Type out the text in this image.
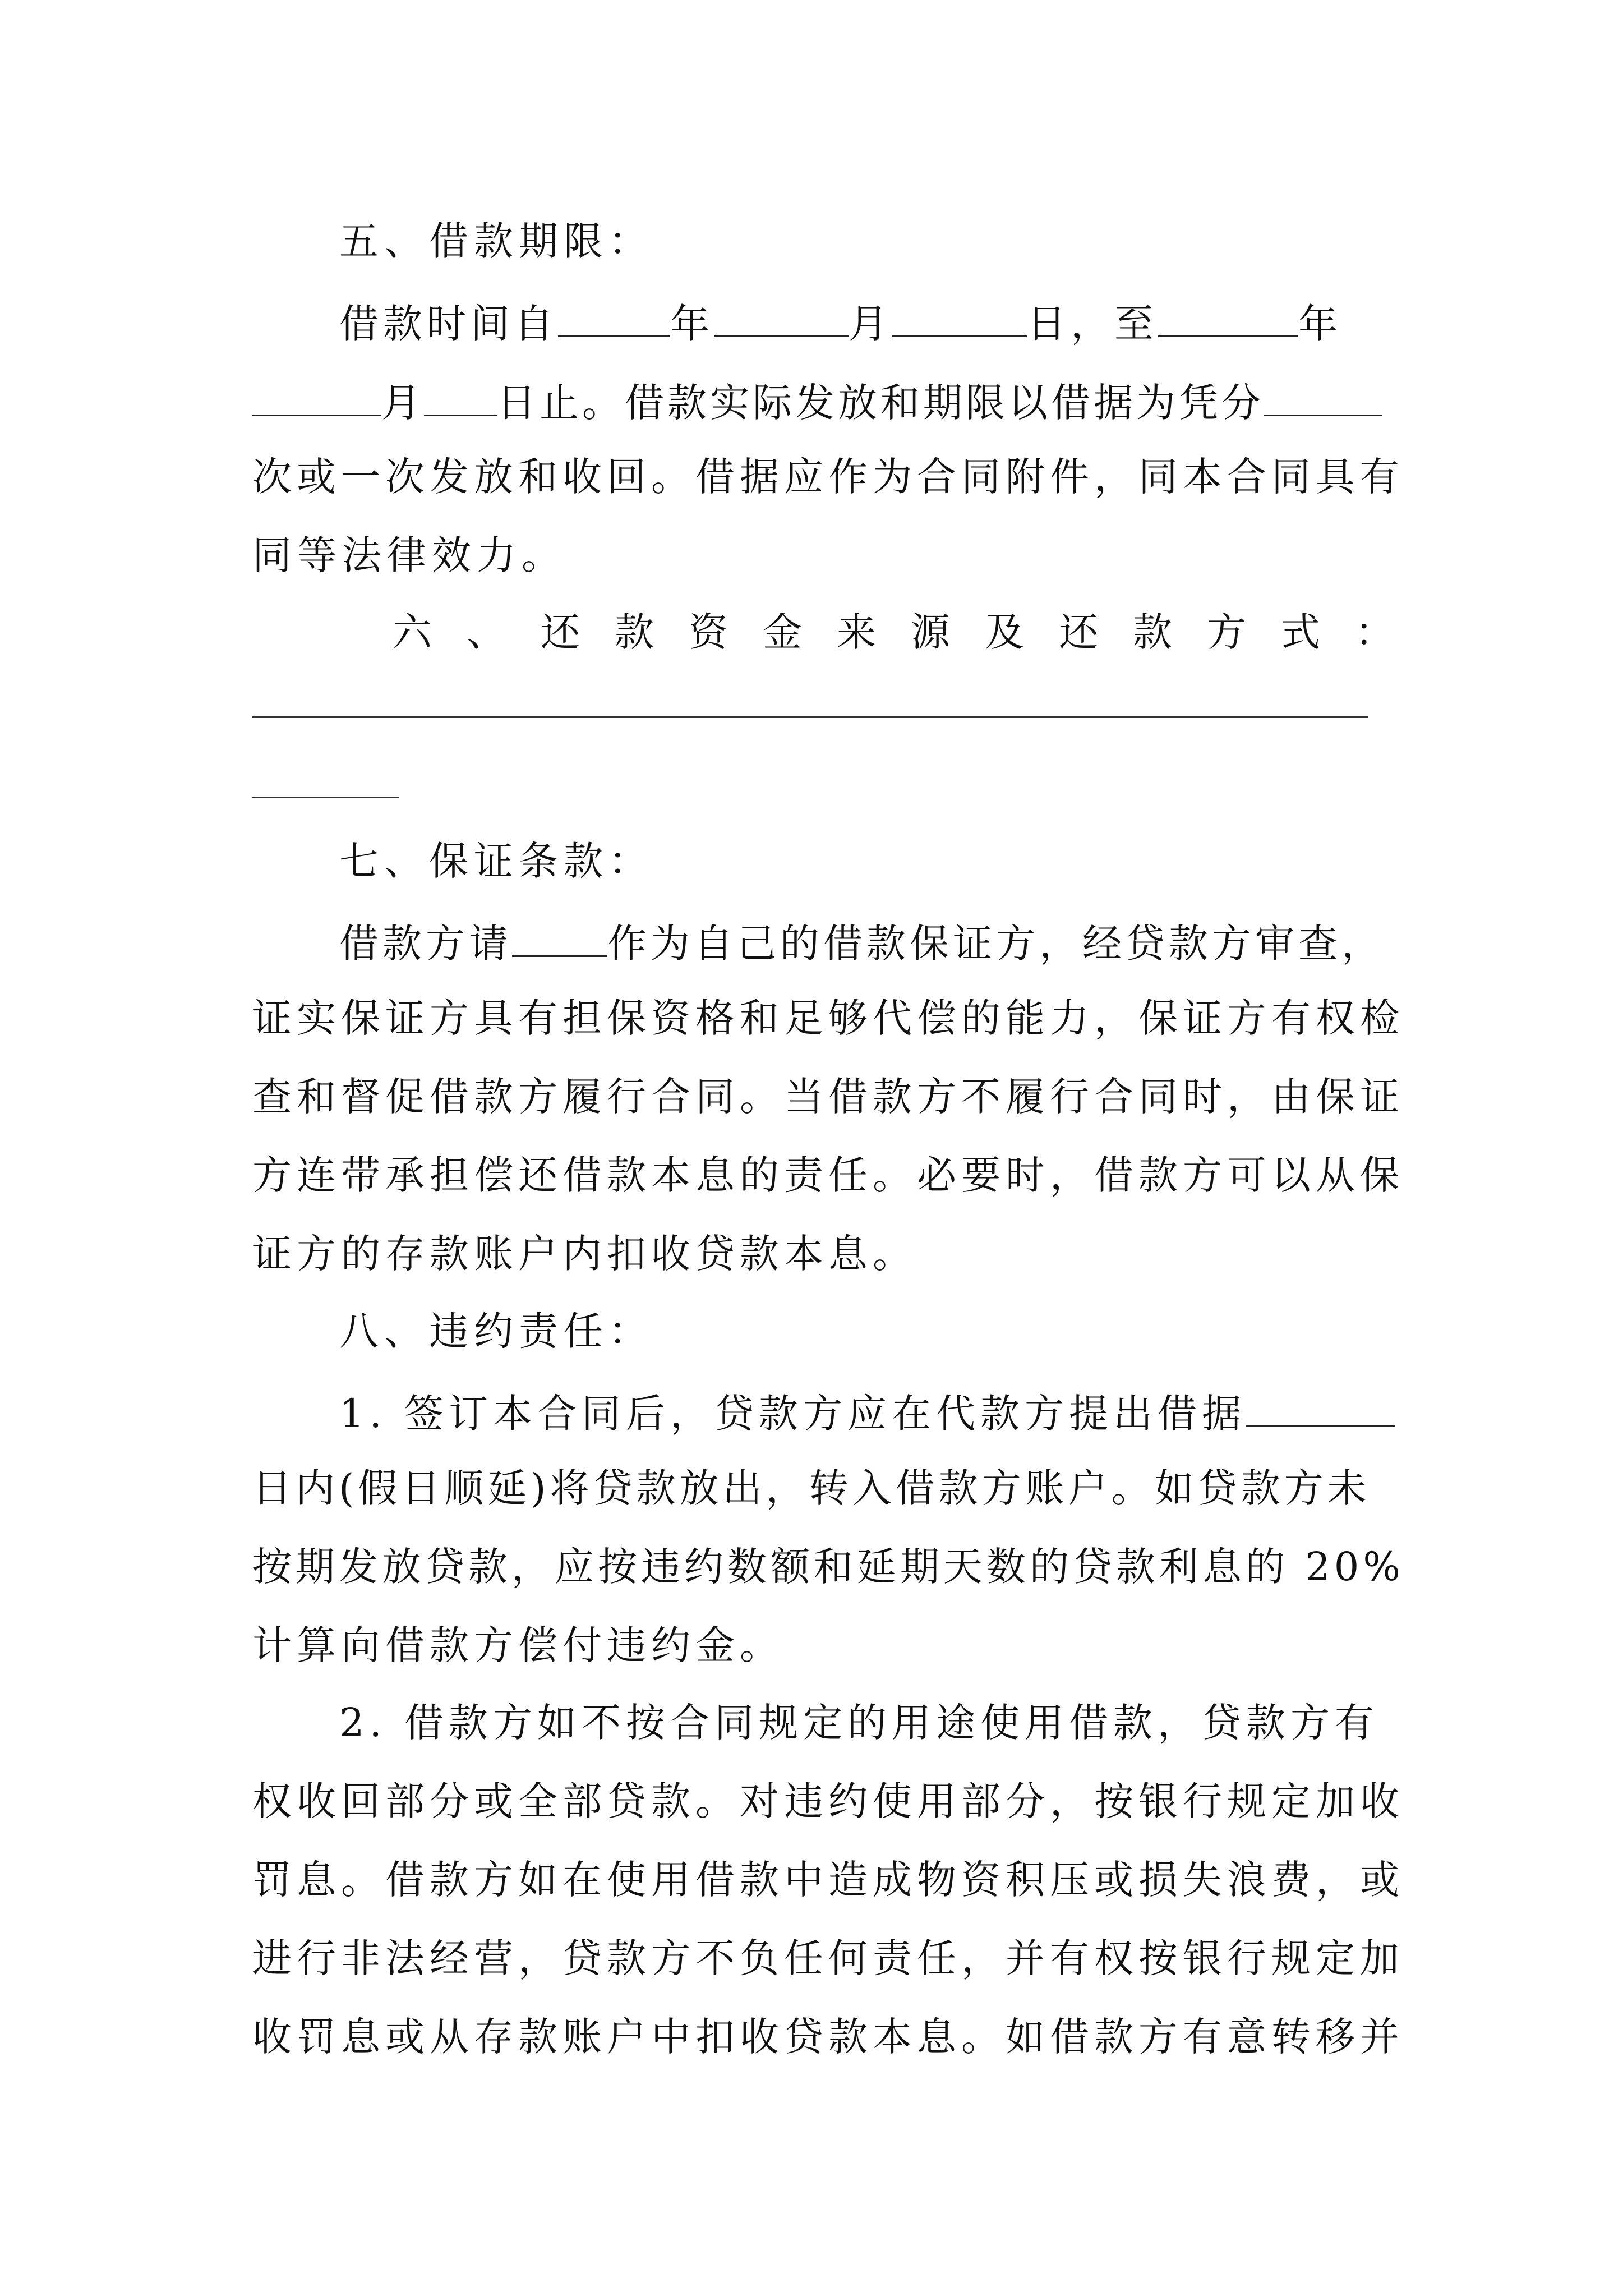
五、借款期限：
借款时间自	年	月	日，至	年
月 日止。借款实际发放和期限以借据为凭分
次或一次发放和收回。借据应作为合同附件，同本合同具有
同等法律效力。
六、还款资金来源及还款方式：
七、保证条款：
借款方请 作为自己的借款保证方，经贷款方审查，
证实保证方具有担保资格和足够代偿的能力，保证方有权检
查和督促借款方履行合同。当借款方不履行合同时，由保证
方连带承担偿还借款本息的责任。必要时，借款方可以从保
证方的存款账户内扣收贷款本息。
八、违约责任：
1. 签订本合同后，贷款方应在代款方提出借据
日内(假日顺延)将贷款放出，转入借款方账户。如贷款方未
按期发放贷款，应按违约数额和延期天数的贷款利息的 20%
计算向借款方偿付违约金。
2. 借款方如不按合同规定的用途使用借款，贷款方有
权收回部分或全部贷款。对违约使用部分，按银行规定加收
罚息。借款方如在使用借款中造成物资积压或损失浪费，或
进行非法经营，贷款方不负任何责任，并有权按银行规定加
收罚息或从存款账户中扣收贷款本息。如借款方有意转移并
